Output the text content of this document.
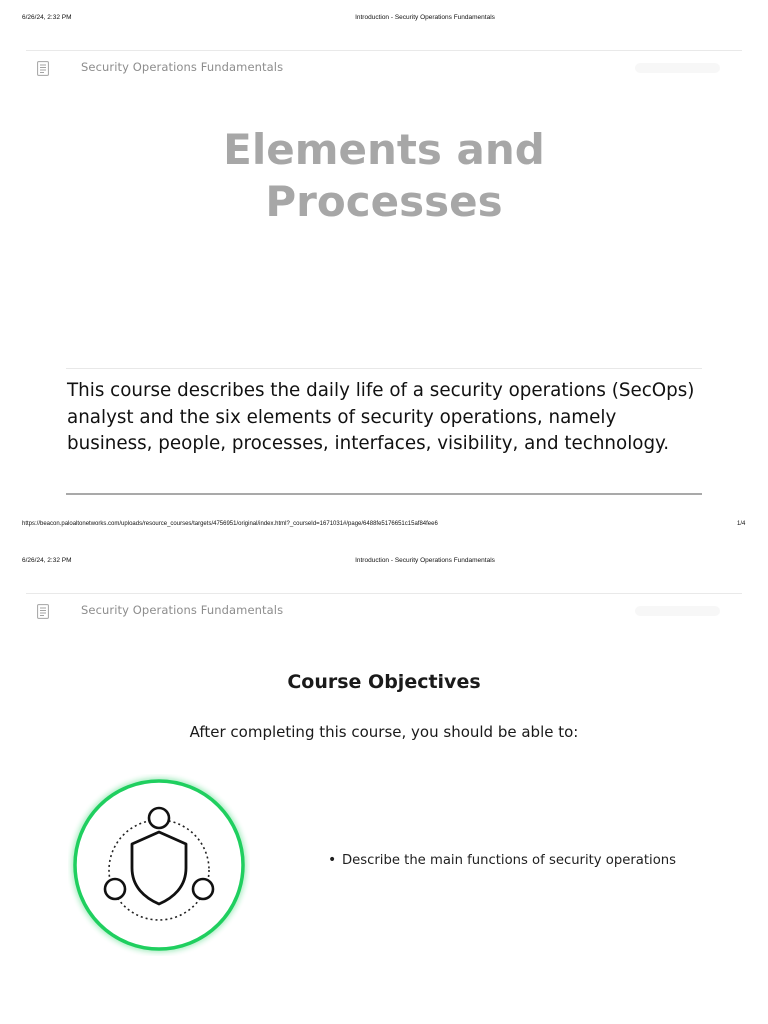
6/26/24, 2:32 PM	Introduction - Security Operations Fundamentals
Security Operations Fundamentals
Elements and
Processes

This course describes the daily life of a security operations (SecOps) analyst and the six elements of security operations, namely business, people, processes, interfaces, visibility, and technology.

https://beacon.paloaltonetworks.com/uploads/resource_courses/targets/4756951/original/index.html?_courseId=1671031#/page/6488fe5176651c15af84fee6	1/4
6/26/24, 2:32 PM	Introduction - Security Operations Fundamentals
Security Operations Fundamentals
Course Objectives
After completing this course, you should be able to:
• Describe the main functions of security operations
